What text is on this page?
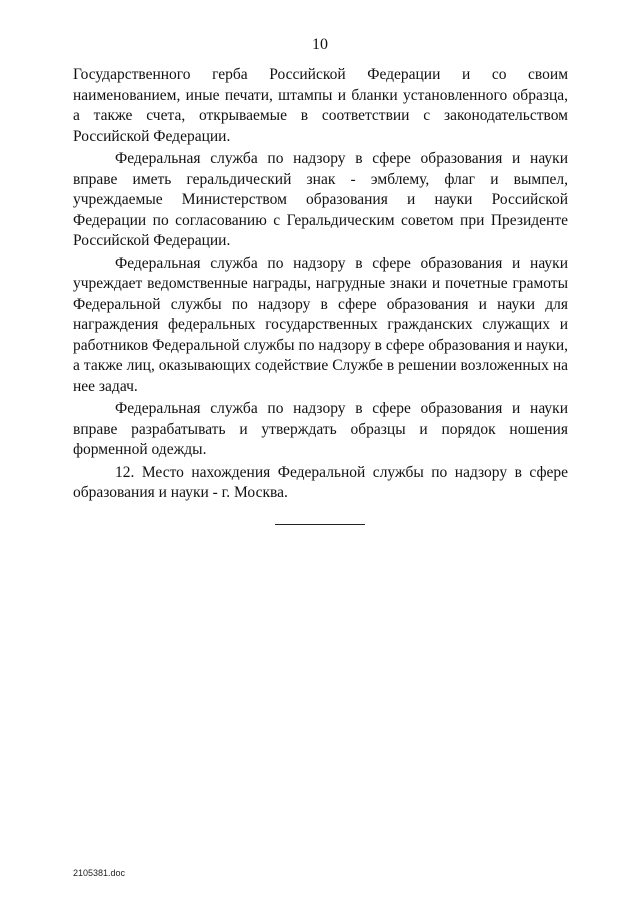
10

Государственного герба Российской Федерации и со своим наименованием, иные печати, штампы и бланки установленного образца, а также счета, открываемые в соответствии с законодательством Российской Федерации.

Федеральная служба по надзору в сфере образования и науки вправе иметь геральдический знак - эмблему, флаг и вымпел, учреждаемые Министерством образования и науки Российской Федерации по согласованию с Геральдическим советом при Президенте Российской Федерации.

Федеральная служба по надзору в сфере образования и науки учреждает ведомственные награды, нагрудные знаки и почетные грамоты Федеральной службы по надзору в сфере образования и науки для награждения федеральных государственных гражданских служащих и работников Федеральной службы по надзору в сфере образования и науки, а также лиц, оказывающих содействие Службе в решении возложенных на нее задач.

Федеральная служба по надзору в сфере образования и науки вправе разрабатывать и утверждать образцы и порядок ношения форменной одежды.

12. Место нахождения Федеральной службы по надзору в сфере образования и науки - г. Москва.

2105381.doc
